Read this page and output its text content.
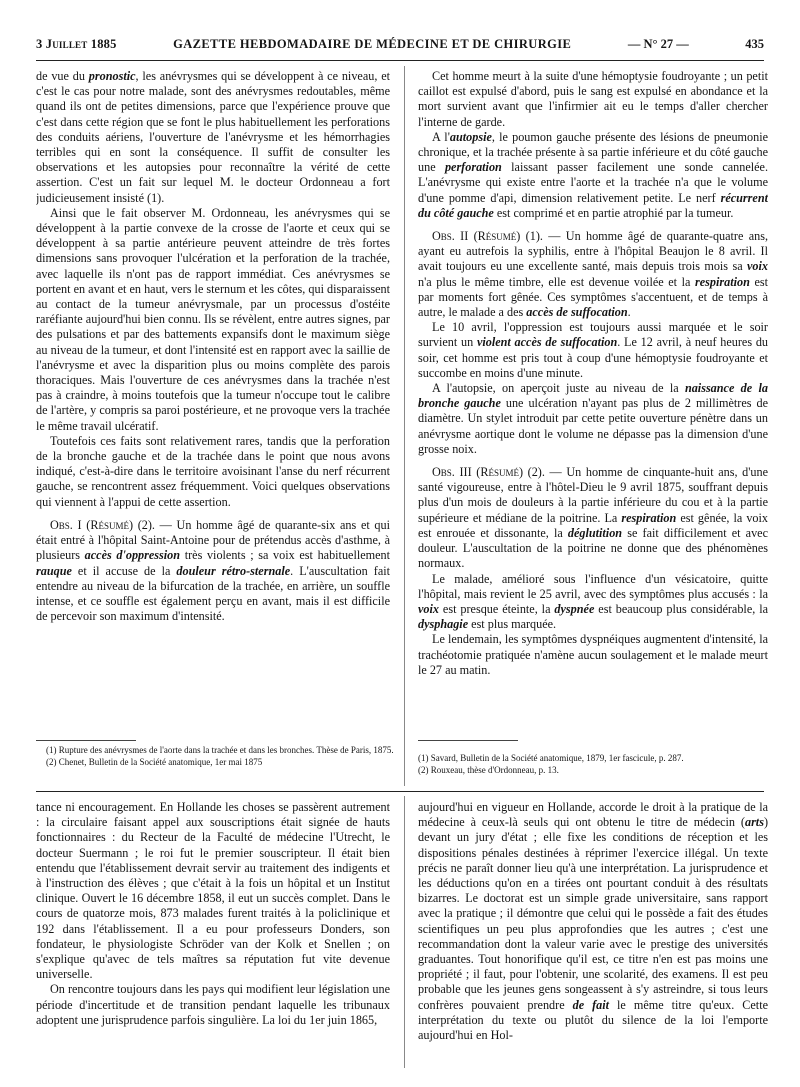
3 Juillet 1885	GAZETTE HEBDOMADAIRE DE MÉDECINE ET DE CHIRURGIE	— N° 27 —	435

de vue du pronostic, les anévrysmes qui se développent à ce niveau, et c'est le cas pour notre malade, sont des anévrysmes redoutables, même quand ils ont de petites dimensions, parce que l'expérience prouve que c'est dans cette région que se font le plus habituellement les perforations des conduits aériens, l'ouverture de l'anévrysme et les hémorrhagies terribles qui en sont la conséquence. Il suffit de consulter les observations et les autopsies pour reconnaître la vérité de cette assertion. C'est un fait sur lequel M. le docteur Ordonneau a fort judicieusement insisté (1).

Ainsi que le fait observer M. Ordonneau, les anévrysmes qui se développent à la partie convexe de la crosse de l'aorte et ceux qui se développent à sa partie antérieure peuvent atteindre de très fortes dimensions sans provoquer l'ulcération et la perforation de la trachée, avec laquelle ils n'ont pas de rapport immédiat. Ces anévrysmes se portent en avant et en haut, vers le sternum et les côtes, qui disparaissent au contact de la tumeur anévrysmale, par un processus d'ostéite raréfiante aujourd'hui bien connu. Ils se révèlent, entre autres signes, par des pulsations et par des battements expansifs dont le maximum siège au niveau de la tumeur, et dont l'intensité est en rapport avec la saillie de l'anévrysme et avec la disparition plus ou moins complète des parois thoraciques. Mais l'ouverture de ces anévrysmes dans la trachée n'est pas à craindre, à moins toutefois que la tumeur n'occupe tout le calibre de l'artère, y compris sa paroi postérieure, et ne provoque vers la trachée le même travail ulcératif.

Toutefois ces faits sont relativement rares, tandis que la perforation de la bronche gauche et de la trachée dans le point que nous avons indiqué, c'est-à-dire dans le territoire avoisinant l'anse du nerf récurrent gauche, se rencontrent assez fréquemment. Voici quelques observations qui viennent à l'appui de cette assertion.

Obs. I (Résumé) (2). — Un homme âgé de quarante-six ans et qui était entré à l'hôpital Saint-Antoine pour de prétendus accès d'asthme, à plusieurs accès d'oppression très violents ; sa voix est habituellement rauque et il accuse de la douleur rétro-sternale. L'auscultation fait entendre au niveau de la bifurcation de la trachée, en arrière, un souffle intense, et ce souffle est également perçu en avant, mais il est difficile de percevoir son maximum d'intensité.

(1) Rupture des anévrysmes de l'aorte dans la trachée et dans les bronches. Thèse de Paris, 1875.
(2) Chenet, Bulletin de la Société anatomique, 1er mai 1875

Cet homme meurt à la suite d'une hémoptysie foudroyante ; un petit caillot est expulsé d'abord, puis le sang est expulsé en abondance et la mort survient avant que l'infirmier ait eu le temps d'aller chercher l'interne de garde.

A l'autopsie, le poumon gauche présente des lésions de pneumonie chronique, et la trachée présente à sa partie inférieure et du côté gauche une perforation laissant passer facilement une sonde cannelée. L'anévrysme qui existe entre l'aorte et la trachée n'a que le volume d'une pomme d'api, dimension relativement petite. Le nerf récurrent du côté gauche est comprimé et en partie atrophié par la tumeur.

Obs. II (Résumé) (1). — Un homme âgé de quarante-quatre ans, ayant eu autrefois la syphilis, entre à l'hôpital Beaujon le 8 avril. Il avait toujours eu une excellente santé, mais depuis trois mois sa voix n'a plus le même timbre, elle est devenue voilée et la respiration est par moments fort gênée. Ces symptômes s'accentuent, et de temps à autre, le malade a des accès de suffocation.

Le 10 avril, l'oppression est toujours aussi marquée et le soir survient un violent accès de suffocation. Le 12 avril, à neuf heures du soir, cet homme est pris tout à coup d'une hémoptysie foudroyante et succombe en moins d'une minute.

A l'autopsie, on aperçoit juste au niveau de la naissance de la bronche gauche une ulcération n'ayant pas plus de 2 millimètres de diamètre. Un stylet introduit par cette petite ouverture pénètre dans un anévrysme aortique dont le volume ne dépasse pas la dimension d'une grosse noix.

Obs. III (Résumé) (2). — Un homme de cinquante-huit ans, d'une santé vigoureuse, entre à l'hôtel-Dieu le 9 avril 1875, souffrant depuis plus d'un mois de douleurs à la partie inférieure du cou et à la partie supérieure et médiane de la poitrine. La respiration est gênée, la voix est enrouée et dissonante, la déglutition se fait difficilement et avec douleur. L'auscultation de la poitrine ne donne que des phénomènes normaux.

Le malade, amélioré sous l'influence d'un vésicatoire, quitte l'hôpital, mais revient le 25 avril, avec des symptômes plus accusés : la voix est presque éteinte, la dyspnée est beaucoup plus considérable, la dysphagie est plus marquée.

Le lendemain, les symptômes dyspnéiques augmentent d'intensité, la trachéotomie pratiquée n'amène aucun soulagement et le malade meurt le 27 au matin.

(1) Savard, Bulletin de la Société anatomique, 1879, 1er fascicule, p. 287.
(2) Rouxeau, thèse d'Ordonneau, p. 13.

tance ni encouragement. En Hollande les choses se passèrent autrement : la circulaire faisant appel aux souscriptions était signée de hauts fonctionnaires : du Recteur de la Faculté de médecine l'Utrecht, le docteur Suermann ; le roi fut le premier souscripteur. Il était bien entendu que l'établissement devrait servir au traitement des indigents et à l'instruction des élèves ; que c'était à la fois un hôpital et un Institut clinique. Ouvert le 16 décembre 1858, il eut un succès complet. Dans le cours de quatorze mois, 873 malades furent traités à la policlinique et 192 dans l'établissement. Il a eu pour professeurs Donders, son fondateur, le physiologiste Schröder van der Kolk et Snellen ; on s'explique qu'avec de tels maîtres sa réputation fut vite devenue universelle.

On rencontre toujours dans les pays qui modifient leur législation une période d'incertitude et de transition pendant laquelle les tribunaux adoptent une jurisprudence parfois singulière. La loi du 1er juin 1865,

aujourd'hui en vigueur en Hollande, accorde le droit à la pratique de la médecine à ceux-là seuls qui ont obtenu le titre de médecin (arts) devant un jury d'état ; elle fixe les conditions de réception et les dispositions pénales destinées à réprimer l'exercice illégal. Un texte précis ne paraît donner lieu qu'à une interprétation. La jurisprudence et les déductions qu'on en a tirées ont pourtant conduit à des résultats bizarres. Le doctorat est un simple grade universitaire, sans rapport avec la pratique ; il démontre que celui qui le possède a fait des études scientifiques un peu plus approfondies que les autres ; c'est une recommandation dont la valeur varie avec le prestige des universités graduantes. Tout honorifique qu'il est, ce titre n'en est pas moins une propriété ; il faut, pour l'obtenir, une scolarité, des examens. Il est peu probable que les jeunes gens songeassent à s'y astreindre, si tous leurs confrères pouvaient prendre de fait le même titre qu'eux. Cette interprétation du texte ou plutôt du silence de la loi l'emporte aujourd'hui en Hol-
